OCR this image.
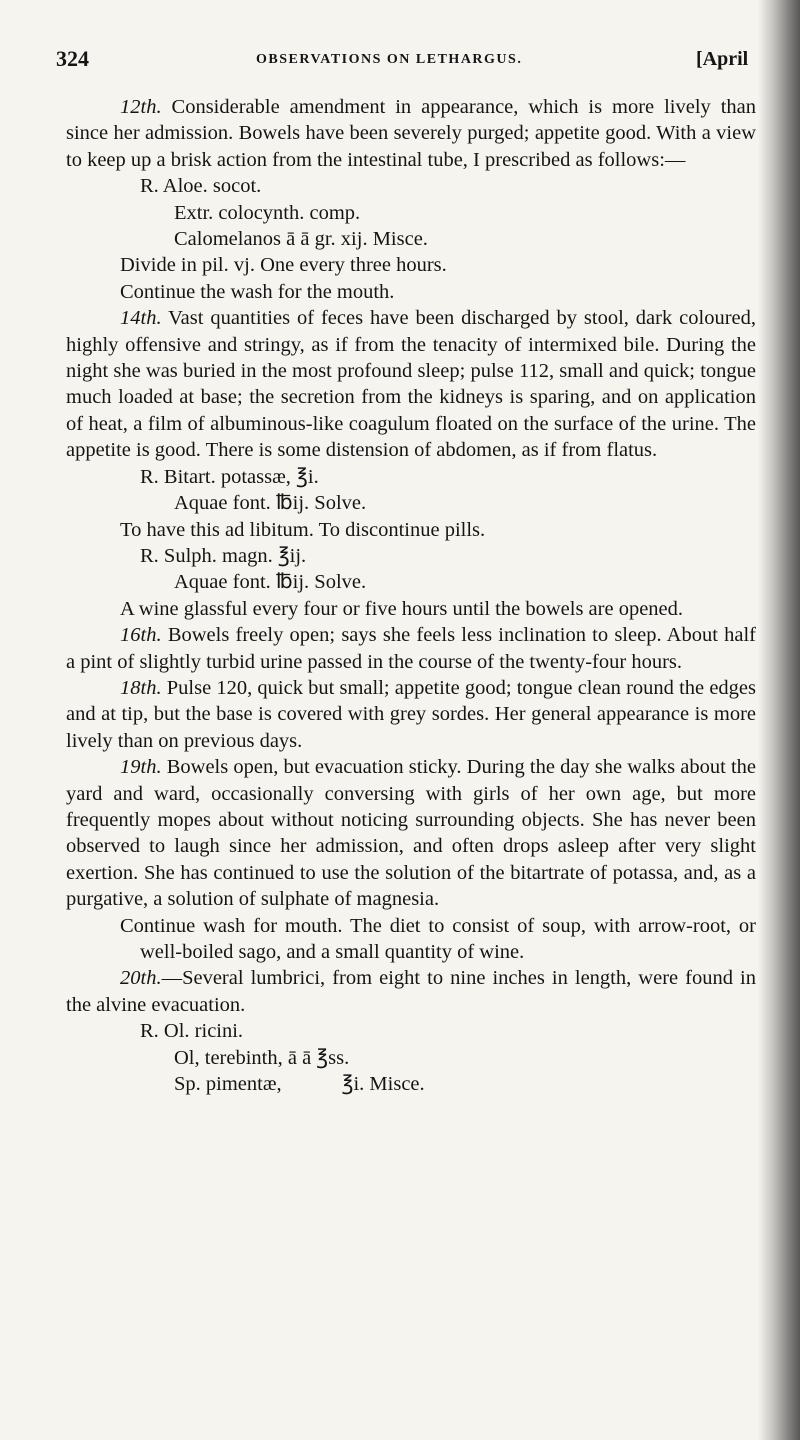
324	OBSERVATIONS ON LETHARGUS.	[April

12th. Considerable amendment in appearance, which is more lively than since her admission. Bowels have been severely purged; appetite good. With a view to keep up a brisk action from the intestinal tube, I prescribed as follows:—

R. Aloe. socot.
Extr. colocynth. comp.
Calomelanos ā ā gr. xij. Misce.
Divide in pil. vj. One every three hours.
Continue the wash for the mouth.

14th. Vast quantities of feces have been discharged by stool, dark coloured, highly offensive and stringy, as if from the tenacity of intermixed bile. During the night she was buried in the most profound sleep; pulse 112, small and quick; tongue much loaded at base; the secretion from the kidneys is sparing, and on application of heat, a film of albuminous-like coagulum floated on the surface of the urine. The appetite is good. There is some distension of abdomen, as if from flatus.

R. Bitart. potassæ, ℥i.
Aquae font. ℔ij. Solve.
To have this ad libitum. To discontinue pills.
R. Sulph. magn. ℥ij.
Aquae font. ℔ij. Solve.

A wine glassful every four or five hours until the bowels are opened.

16th. Bowels freely open; says she feels less inclination to sleep. About half a pint of slightly turbid urine passed in the course of the twenty-four hours.

18th. Pulse 120, quick but small; appetite good; tongue clean round the edges and at tip, but the base is covered with grey sordes. Her general appearance is more lively than on previous days.

19th. Bowels open, but evacuation sticky. During the day she walks about the yard and ward, occasionally conversing with girls of her own age, but more frequently mopes about without noticing surrounding objects. She has never been observed to laugh since her admission, and often drops asleep after very slight exertion. She has continued to use the solution of the bitartrate of potassa, and, as a purgative, a solution of sulphate of magnesia.

Continue wash for mouth. The diet to consist of soup, with arrow-root, or well-boiled sago, and a small quantity of wine.

20th.—Several lumbrici, from eight to nine inches in length, were found in the alvine evacuation.

R. Ol. ricini.
Ol, terebinth, ā ā ℥ss.
Sp. pimentæ,	℥i. Misce.
